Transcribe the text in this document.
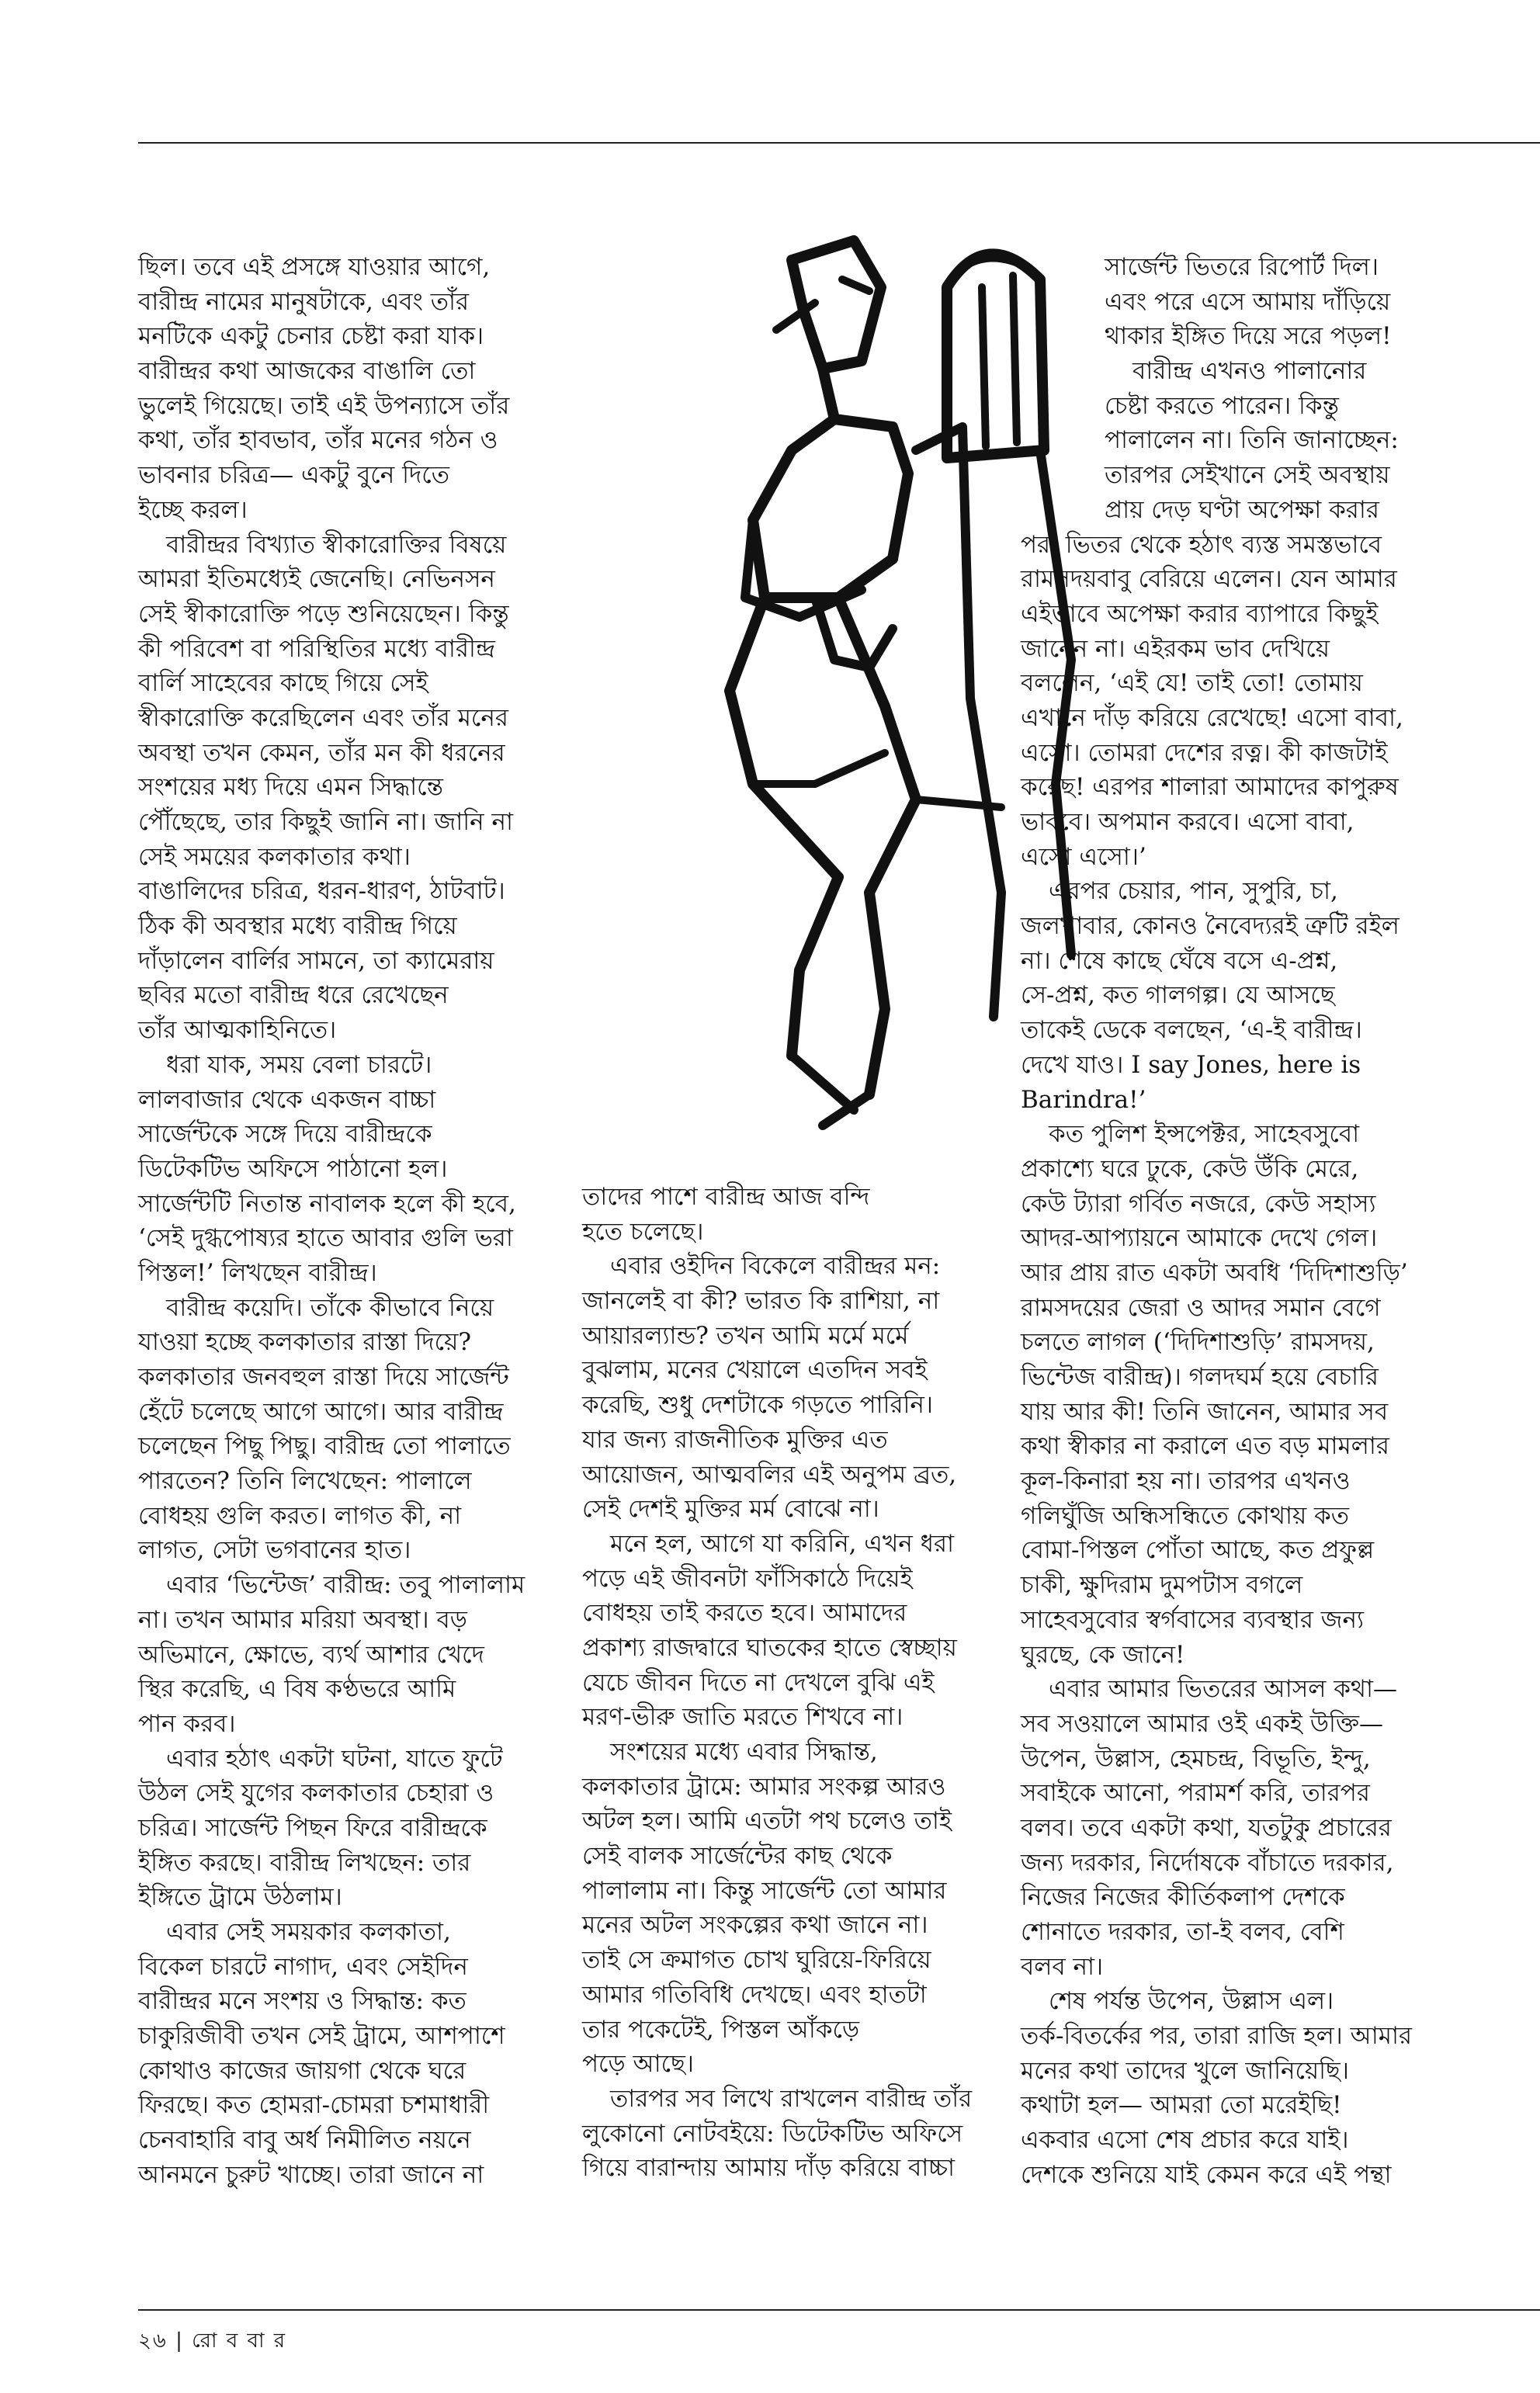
ছিল। তবে এই প্রসঙ্গে যাওয়ার আগে,
বারীন্দ্র নামের মানুষটাকে, এবং তাঁর
মনটিকে একটু চেনার চেষ্টা করা যাক।
বারীন্দ্রর কথা আজকের বাঙালি তো
ভুলেই গিয়েছে। তাই এই উপন্যাসে তাঁর
কথা, তাঁর হাবভাব, তাঁর মনের গঠন ও
ভাবনার চরিত্র— একটু বুনে দিতে
ইচ্ছে করল।
বারীন্দ্রর বিখ্যাত স্বীকারোক্তির বিষয়ে
আমরা ইতিমধ্যেই জেনেছি। নেভিনসন
সেই স্বীকারোক্তি পড়ে শুনিয়েছেন। কিন্তু
কী পরিবেশ বা পরিস্থিতির মধ্যে বারীন্দ্র
বার্লি সাহেবের কাছে গিয়ে সেই
স্বীকারোক্তি করেছিলেন এবং তাঁর মনের
অবস্থা তখন কেমন, তাঁর মন কী ধরনের
সংশয়ের মধ্য দিয়ে এমন সিদ্ধান্তে
পৌঁছেছে, তার কিছুই জানি না। জানি না
সেই সময়ের কলকাতার কথা।
বাঙালিদের চরিত্র, ধরন-ধারণ, ঠাটবাট।
ঠিক কী অবস্থার মধ্যে বারীন্দ্র গিয়ে
দাঁড়ালেন বার্লির সামনে, তা ক্যামেরায়
ছবির মতো বারীন্দ্র ধরে রেখেছেন
তাঁর আত্মকাহিনিতে।
ধরা যাক, সময় বেলা চারটে।
লালবাজার থেকে একজন বাচ্চা
সার্জেন্টকে সঙ্গে দিয়ে বারীন্দ্রকে
ডিটেকটিভ অফিসে পাঠানো হল।
সার্জেন্টটি নিতান্ত নাবালক হলে কী হবে,
‘সেই দুগ্ধপোষ্যর হাতে আবার গুলি ভরা
পিস্তল!’ লিখছেন বারীন্দ্র।
বারীন্দ্র কয়েদি। তাঁকে কীভাবে নিয়ে
যাওয়া হচ্ছে কলকাতার রাস্তা দিয়ে?
কলকাতার জনবহুল রাস্তা দিয়ে সার্জেন্ট
হেঁটে চলেছে আগে আগে। আর বারীন্দ্র
চলেছেন পিছু পিছু। বারীন্দ্র তো পালাতে
পারতেন? তিনি লিখেছেন: পালালে
বোধহয় গুলি করত। লাগত কী, না
লাগত, সেটা ভগবানের হাত।
এবার ‘ভিন্টেজ’ বারীন্দ্র: তবু পালালাম
না। তখন আমার মরিয়া অবস্থা। বড়
অভিমানে, ক্ষোভে, ব্যর্থ আশার খেদে
স্থির করেছি, এ বিষ কণ্ঠভরে আমি
পান করব।
এবার হঠাৎ একটা ঘটনা, যাতে ফুটে
উঠল সেই যুগের কলকাতার চেহারা ও
চরিত্র। সার্জেন্ট পিছন ফিরে বারীন্দ্রকে
ইঙ্গিত করছে। বারীন্দ্র লিখছেন: তার
ইঙ্গিতে ট্রামে উঠলাম।
এবার সেই সময়কার কলকাতা,
বিকেল চারটে নাগাদ, এবং সেইদিন
বারীন্দ্রর মনে সংশয় ও সিদ্ধান্ত: কত
চাকুরিজীবী তখন সেই ট্রামে, আশপাশে
কোথাও কাজের জায়গা থেকে ঘরে
ফিরছে। কত হোমরা-চোমরা চশমাধারী
চেনবাহারি বাবু অর্ধ নিমীলিত নয়নে
আনমনে চুরুট খাচ্ছে। তারা জানে না
তাদের পাশে বারীন্দ্র আজ বন্দি
হতে চলেছে।
এবার ওইদিন বিকেলে বারীন্দ্রর মন:
জানলেই বা কী? ভারত কি রাশিয়া, না
আয়ারল্যান্ড? তখন আমি মর্মে মর্মে
বুঝলাম, মনের খেয়ালে এতদিন সবই
করেছি, শুধু দেশটাকে গড়তে পারিনি।
যার জন্য রাজনীতিক মুক্তির এত
আয়োজন, আত্মবলির এই অনুপম ব্রত,
সেই দেশই মুক্তির মর্ম বোঝে না।
মনে হল, আগে যা করিনি, এখন ধরা
পড়ে এই জীবনটা ফাঁসিকাঠে দিয়েই
বোধহয় তাই করতে হবে। আমাদের
প্রকাশ্য রাজদ্বারে ঘাতকের হাতে স্বেচ্ছায়
যেচে জীবন দিতে না দেখলে বুঝি এই
মরণ-ভীরু জাতি মরতে শিখবে না।
সংশয়ের মধ্যে এবার সিদ্ধান্ত,
কলকাতার ট্রামে: আমার সংকল্প আরও
অটল হল। আমি এতটা পথ চলেও তাই
সেই বালক সার্জেন্টের কাছ থেকে
পালালাম না। কিন্তু সার্জেন্ট তো আমার
মনের অটল সংকল্পের কথা জানে না।
তাই সে ক্রমাগত চোখ ঘুরিয়ে-ফিরিয়ে
আমার গতিবিধি দেখছে। এবং হাতটা
তার পকেটেই, পিস্তল আঁকড়ে
পড়ে আছে।
তারপর সব লিখে রাখলেন বারীন্দ্র তাঁর
লুকোনো নোটবইয়ে: ডিটেকটিভ অফিসে
গিয়ে বারান্দায় আমায় দাঁড় করিয়ে বাচ্চা
সার্জেন্ট ভিতরে রিপোর্ট দিল।
এবং পরে এসে আমায় দাঁড়িয়ে
থাকার ইঙ্গিত দিয়ে সরে পড়ল!
বারীন্দ্র এখনও পালানোর
চেষ্টা করতে পারেন। কিন্তু
পালালেন না। তিনি জানাচ্ছেন:
তারপর সেইখানে সেই অবস্থায়
প্রায় দেড় ঘণ্টা অপেক্ষা করার
পর, ভিতর থেকে হঠাৎ ব্যস্ত সমস্তভাবে
রামসদয়বাবু বেরিয়ে এলেন। যেন আমার
এইভাবে অপেক্ষা করার ব্যাপারে কিছুই
জানেন না। এইরকম ভাব দেখিয়ে
বললেন, ‘এই যে! তাই তো! তোমায়
এখানে দাঁড় করিয়ে রেখেছে! এসো বাবা,
এসো। তোমরা দেশের রত্ন। কী কাজটাই
করেছ! এরপর শালারা আমাদের কাপুরুষ
ভাববে। অপমান করবে। এসো বাবা,
এসো এসো।’
এরপর চেয়ার, পান, সুপুরি, চা,
জলখাবার, কোনও নৈবেদ্যরই ত্রুটি রইল
না। শেষে কাছে ঘেঁষে বসে এ-প্রশ্ন,
সে-প্রশ্ন, কত গালগল্প। যে আসছে
তাকেই ডেকে বলছেন, ‘এ-ই বারীন্দ্র।
দেখে যাও। I say Jones, here is
Barindra!’
কত পুলিশ ইন্সপেক্টর, সাহেবসুবো
প্রকাশ্যে ঘরে ঢুকে, কেউ উঁকি মেরে,
কেউ ট্যারা গর্বিত নজরে, কেউ সহাস্য
আদর-আপ্যায়নে আমাকে দেখে গেল।
আর প্রায় রাত একটা অবধি ‘দিদিশাশুড়ি’
রামসদয়ের জেরা ও আদর সমান বেগে
চলতে লাগল (‘দিদিশাশুড়ি’ রামসদয়,
ভিন্টেজ বারীন্দ্র)। গলদঘর্ম হয়ে বেচারি
যায় আর কী! তিনি জানেন, আমার সব
কথা স্বীকার না করালে এত বড় মামলার
কূল-কিনারা হয় না। তারপর এখনও
গলিঘুঁজি অন্ধিসন্ধিতে কোথায় কত
বোমা-পিস্তল পোঁতা আছে, কত প্রফুল্ল
চাকী, ক্ষুদিরাম দুমপটাস বগলে
সাহেবসুবোর স্বর্গবাসের ব্যবস্থার জন্য
ঘুরছে, কে জানে!
এবার আমার ভিতরের আসল কথা—
সব সওয়ালে আমার ওই একই উক্তি—
উপেন, উল্লাস, হেমচন্দ্র, বিভূতি, ইন্দু,
সবাইকে আনো, পরামর্শ করি, তারপর
বলব। তবে একটা কথা, যতটুকু প্রচারের
জন্য দরকার, নির্দোষকে বাঁচাতে দরকার,
নিজের নিজের কীর্তিকলাপ দেশকে
শোনাতে দরকার, তা-ই বলব, বেশি
বলব না।
শেষ পর্যন্ত উপেন, উল্লাস এল।
তর্ক-বিতর্কের পর, তারা রাজি হল। আমার
মনের কথা তাদের খুলে জানিয়েছি।
কথাটা হল— আমরা তো মরেইছি!
একবার এসো শেষ প্রচার করে যাই।
দেশকে শুনিয়ে যাই কেমন করে এই পন্থা
২৬ | রো ব বা র
